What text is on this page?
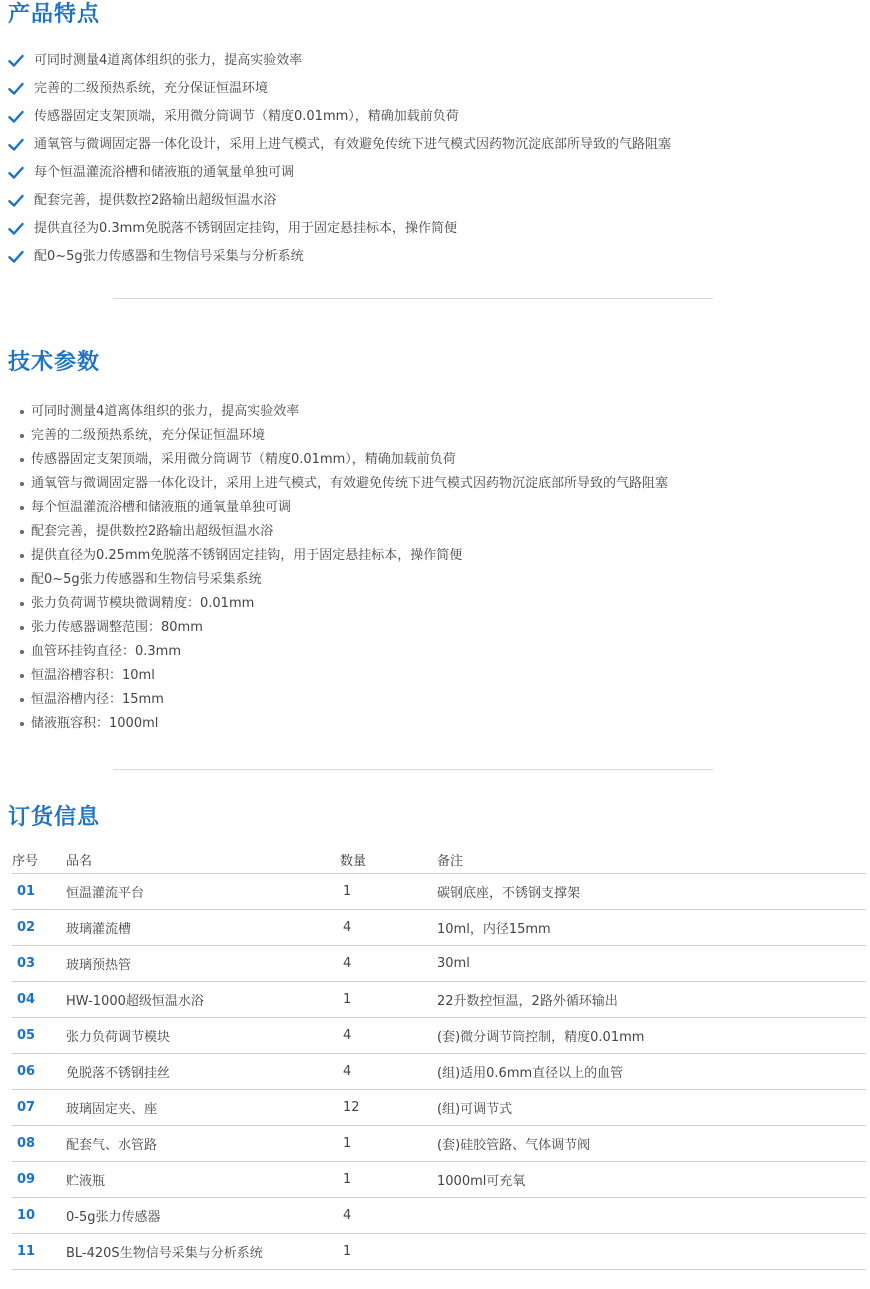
产品特点
可同时测量4道离体组织的张力，提高实验效率
完善的二级预热系统，充分保证恒温环境
传感器固定支架顶端，采用微分筒调节（精度0.01mm），精确加载前负荷
通氧管与微调固定器一体化设计，采用上进气模式，有效避免传统下进气模式因药物沉淀底部所导致的气路阻塞
每个恒温灌流浴槽和储液瓶的通氧量单独可调
配套完善，提供数控2路输出超级恒温水浴
提供直径为0.3mm免脱落不锈钢固定挂钩，用于固定悬挂标本，操作简便
配0~5g张力传感器和生物信号采集与分析系统
技术参数
可同时测量4道离体组织的张力，提高实验效率
完善的二级预热系统，充分保证恒温环境
传感器固定支架顶端，采用微分筒调节（精度0.01mm），精确加载前负荷
通氧管与微调固定器一体化设计，采用上进气模式，有效避免传统下进气模式因药物沉淀底部所导致的气路阻塞
每个恒温灌流浴槽和储液瓶的通氧量单独可调
配套完善，提供数控2路输出超级恒温水浴
提供直径为0.25mm免脱落不锈钢固定挂钩，用于固定悬挂标本，操作简便
配0~5g张力传感器和生物信号采集系统
张力负荷调节模块微调精度：0.01mm
张力传感器调整范围：80mm
血管环挂钩直径：0.3mm
恒温浴槽容积：10ml
恒温浴槽内径：15mm
储液瓶容积：1000ml
订货信息
序号	品名	数量	备注
01	恒温灌流平台	1	碳钢底座，不锈钢支撑架
02	玻璃灌流槽	4	10ml，内径15mm
03	玻璃预热管	4	30ml
04	HW-1000超级恒温水浴	1	22升数控恒温，2路外循环输出
05	张力负荷调节模块	4	(套)微分调节筒控制，精度0.01mm
06	免脱落不锈钢挂丝	4	(组)适用0.6mm直径以上的血管
07	玻璃固定夹、座	12	(组)可调节式
08	配套气、水管路	1	(套)硅胶管路、气体调节阀
09	贮液瓶	1	1000ml可充氧
10	0-5g张力传感器	4	
11	BL-420S生物信号采集与分析系统	1	
